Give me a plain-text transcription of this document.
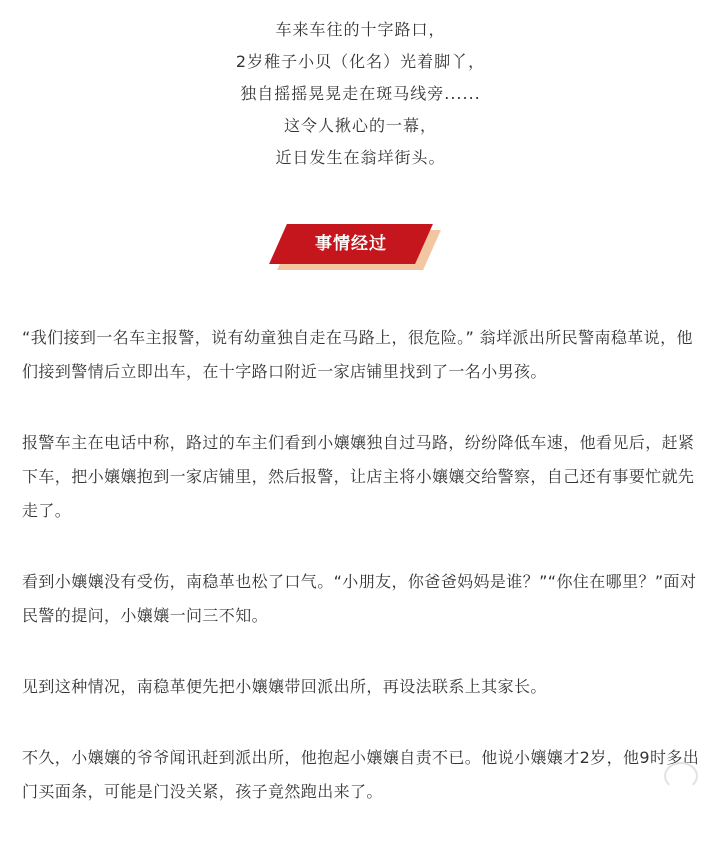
车来车往的十字路口，
2岁稚子小贝（化名）光着脚丫，
独自摇摇晃晃走在斑马线旁......
这令人揪心的一幕，
近日发生在翁垟街头。
事情经过

“我们接到一名车主报警，说有幼童独自走在马路上，很危险。” 翁垟派出所民警南稳革说，他们接到警情后立即出车，在十字路口附近一家店铺里找到了一名小男孩。

报警车主在电话中称，路过的车主们看到小孃孃独自过马路，纷纷降低车速，他看见后，赶紧下车，把小孃孃抱到一家店铺里，然后报警，让店主将小孃孃交给警察，自己还有事要忙就先走了。

看到小孃孃没有受伤，南稳革也松了口气。“小朋友，你爸爸妈妈是谁？”“你住在哪里？”面对民警的提问，小孃孃一问三不知。

见到这种情况，南稳革便先把小孃孃带回派出所，再设法联系上其家长。

不久，小孃孃的爷爷闻讯赶到派出所，他抱起小孃孃自责不已。他说小孃孃才2岁，他9时多出门买面条，可能是门没关紧，孩子竟然跑出来了。
